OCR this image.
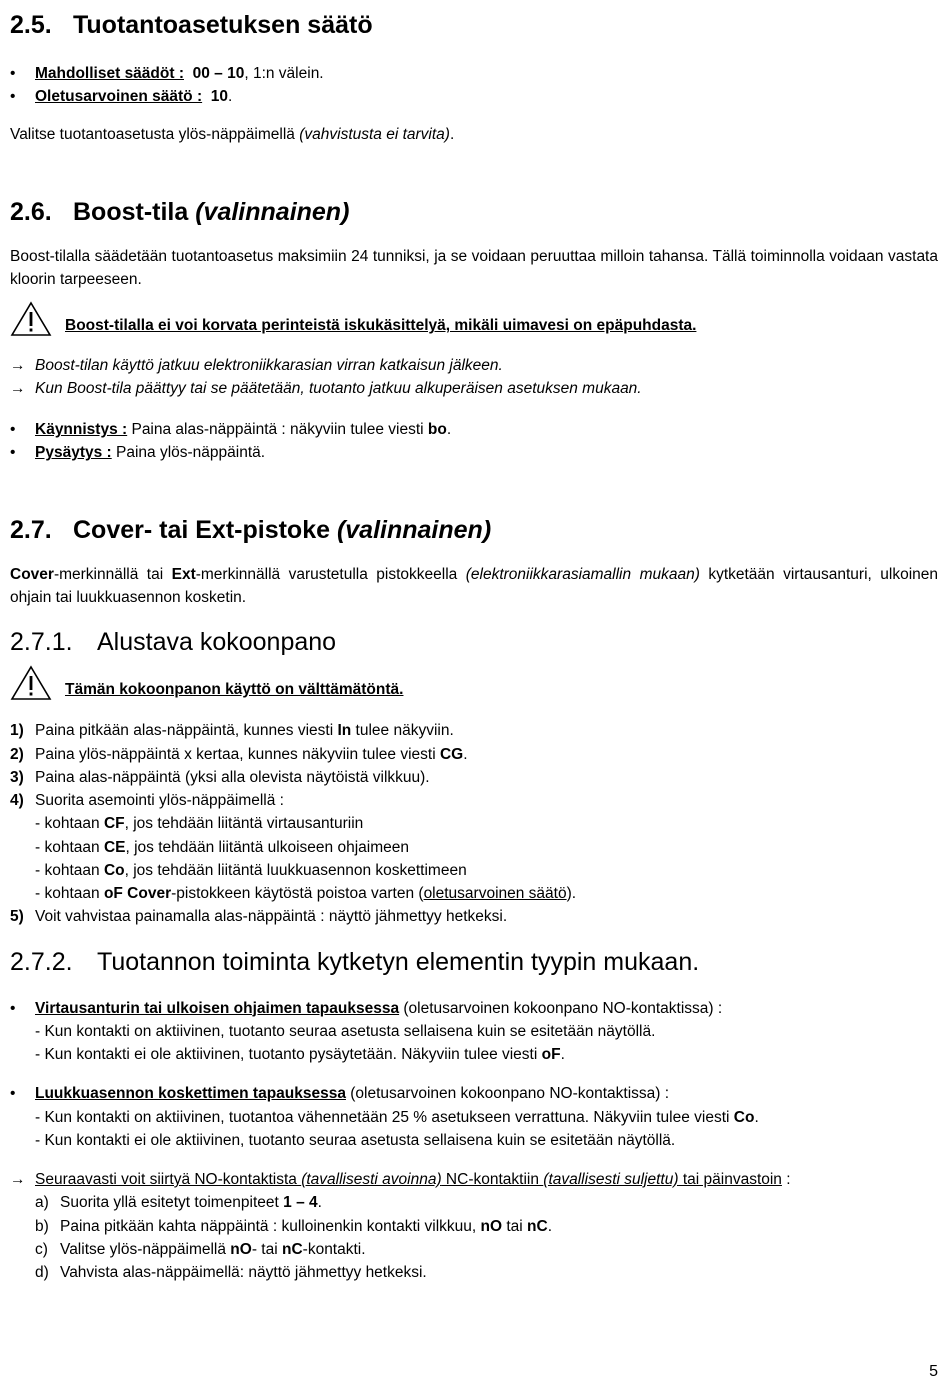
2.5. Tuotantoasetuksen säätö
• Mahdolliset säädöt : 00 – 10, 1:n välein.
• Oletusarvoinen säätö : 10.

Valitse tuotantoasetusta ylös-näppäimellä (vahvistusta ei tarvita).

2.6. Boost-tila (valinnainen)

Boost-tilalla säädetään tuotantoasetus maksimiin 24 tunniksi, ja se voidaan peruuttaa milloin tahansa. Tällä toiminnolla voidaan vastata kloorin tarpeeseen.

Boost-tilalla ei voi korvata perinteistä iskukäsittelyä, mikäli uimavesi on epäpuhdasta.
→ Boost-tilan käyttö jatkuu elektroniikkarasian virran katkaisun jälkeen.
→ Kun Boost-tila päättyy tai se päätetään, tuotanto jatkuu alkuperäisen asetuksen mukaan.
• Käynnistys : Paina alas-näppäintä : näkyviin tulee viesti bo.
• Pysäytys : Paina ylös-näppäintä.
2.7. Cover- tai Ext-pistoke (valinnainen)

Cover-merkinnällä tai Ext-merkinnällä varustetulla pistokkeella (elektroniikkarasiamallin mukaan) kytketään virtausanturi, ulkoinen ohjain tai luukkuasennon kosketin.

2.7.1. Alustava kokoonpano
Tämän kokoonpanon käyttö on välttämätöntä.
1) Paina pitkään alas-näppäintä, kunnes viesti In tulee näkyviin.
2) Paina ylös-näppäintä x kertaa, kunnes näkyviin tulee viesti CG.
3) Paina alas-näppäintä (yksi alla olevista näytöistä vilkkuu).
4) Suorita asemointi ylös-näppäimellä :
- kohtaan CF, jos tehdään liitäntä virtausanturiin
- kohtaan CE, jos tehdään liitäntä ulkoiseen ohjaimeen
- kohtaan Co, jos tehdään liitäntä luukkuasennon koskettimeen
- kohtaan oF Cover-pistokkeen käytöstä poistoa varten (oletusarvoinen säätö).
5) Voit vahvistaa painamalla alas-näppäintä : näyttö jähmettyy hetkeksi.
2.7.2. Tuotannon toiminta kytketyn elementin tyypin mukaan.
• Virtausanturin tai ulkoisen ohjaimen tapauksessa (oletusarvoinen kokoonpano NO-kontaktissa) :
- Kun kontakti on aktiivinen, tuotanto seuraa asetusta sellaisena kuin se esitetään näytöllä.
- Kun kontakti ei ole aktiivinen, tuotanto pysäytetään. Näkyviin tulee viesti oF.
• Luukkuasennon koskettimen tapauksessa (oletusarvoinen kokoonpano NO-kontaktissa) :
- Kun kontakti on aktiivinen, tuotantoa vähennetään 25 % asetukseen verrattuna. Näkyviin tulee viesti Co.
- Kun kontakti ei ole aktiivinen, tuotanto seuraa asetusta sellaisena kuin se esitetään näytöllä.
→ Seuraavasti voit siirtyä NO-kontaktista (tavallisesti avoinna) NC-kontaktiin (tavallisesti suljettu) tai päinvastoin :
a) Suorita yllä esitetyt toimenpiteet 1 – 4.
b) Paina pitkään kahta näppäintä : kulloinenkin kontakti vilkkuu, nO tai nC.
c) Valitse ylös-näppäimellä nO- tai nC-kontakti.
d) Vahvista alas-näppäimellä: näyttö jähmettyy hetkeksi.
5
